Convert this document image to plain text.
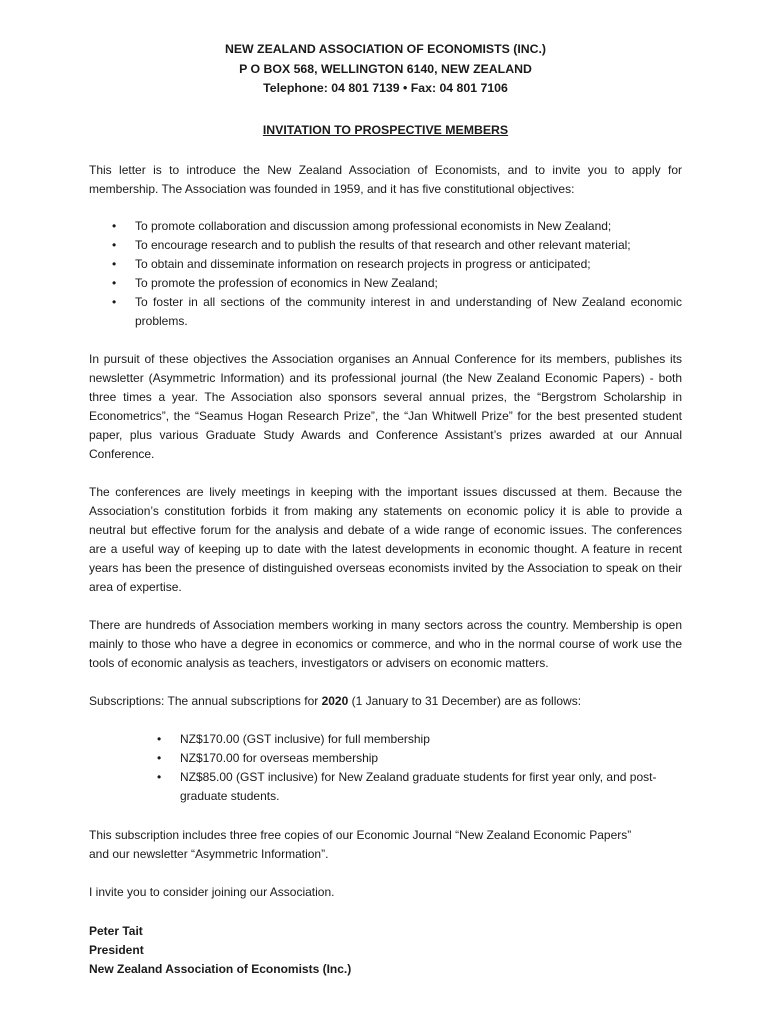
NEW ZEALAND ASSOCIATION OF ECONOMISTS (INC.)
P O BOX 568, WELLINGTON 6140, NEW ZEALAND
Telephone: 04 801 7139 • Fax: 04 801 7106
INVITATION TO PROSPECTIVE MEMBERS

This letter is to introduce the New Zealand Association of Economists, and to invite you to apply for membership. The Association was founded in 1959, and it has five constitutional objectives:

• To promote collaboration and discussion among professional economists in New Zealand;
• To encourage research and to publish the results of that research and other relevant material;
• To obtain and disseminate information on research projects in progress or anticipated;
• To promote the profession of economics in New Zealand;
• To foster in all sections of the community interest in and understanding of New Zealand economic problems.

In pursuit of these objectives the Association organises an Annual Conference for its members, publishes its newsletter (Asymmetric Information) and its professional journal (the New Zealand Economic Papers) - both three times a year. The Association also sponsors several annual prizes, the “Bergstrom Scholarship in Econometrics”, the “Seamus Hogan Research Prize”, the “Jan Whitwell Prize” for the best presented student paper, plus various Graduate Study Awards and Conference Assistant’s prizes awarded at our Annual Conference.

The conferences are lively meetings in keeping with the important issues discussed at them. Because the Association’s constitution forbids it from making any statements on economic policy it is able to provide a neutral but effective forum for the analysis and debate of a wide range of economic issues. The conferences are a useful way of keeping up to date with the latest developments in economic thought. A feature in recent years has been the presence of distinguished overseas economists invited by the Association to speak on their area of expertise.

There are hundreds of Association members working in many sectors across the country. Membership is open mainly to those who have a degree in economics or commerce, and who in the normal course of work use the tools of economic analysis as teachers, investigators or advisers on economic matters.

Subscriptions: The annual subscriptions for 2020 (1 January to 31 December) are as follows:

• NZ$170.00 (GST inclusive) for full membership
• NZ$170.00 for overseas membership
• NZ$85.00 (GST inclusive) for New Zealand graduate students for first year only, and post-graduate students.

This subscription includes three free copies of our Economic Journal “New Zealand Economic Papers”
and our newsletter “Asymmetric Information”.

I invite you to consider joining our Association.

Peter Tait
President
New Zealand Association of Economists (Inc.)
